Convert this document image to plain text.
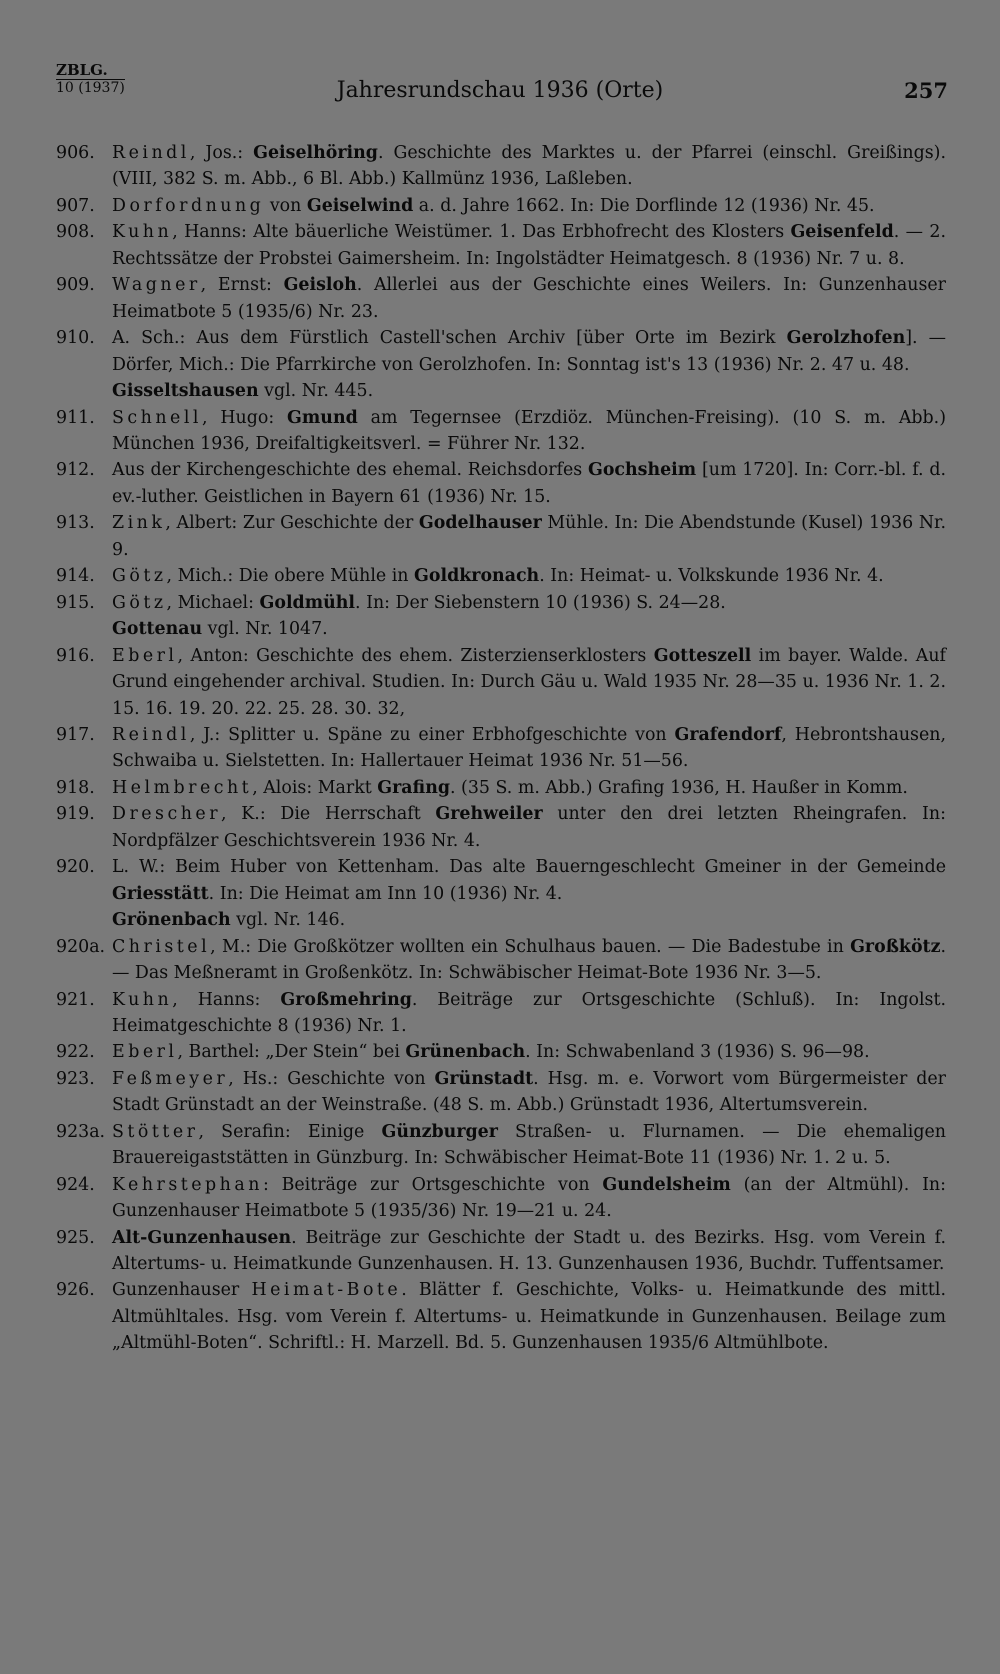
ZBLG.
10 (1937)	Jahresrundschau 1936 (Orte)	257
906. Reindl, Jos.: Geiselhöring. Geschichte des Marktes u. der Pfarrei (einschl. Greißings). (VIII, 382 S. m. Abb., 6 Bl. Abb.) Kallmünz 1936, Laßleben.
907. Dorfordnung von Geiselwind a. d. Jahre 1662. In: Die Dorflinde 12 (1936) Nr. 45.
908. Kuhn, Hanns: Alte bäuerliche Weistümer. 1. Das Erbhofrecht des Klosters Geisenfeld. — 2. Rechtssätze der Probstei Gaimersheim. In: Ingolstädter Heimatgesch. 8 (1936) Nr. 7 u. 8.
909. Wagner, Ernst: Geisloh. Allerlei aus der Geschichte eines Weilers. In: Gunzenhauser Heimatbote 5 (1935/6) Nr. 23.
910. A. Sch.: Aus dem Fürstlich Castell'schen Archiv [über Orte im Bezirk Gerolzhofen]. — Dörfer, Mich.: Die Pfarrkirche von Gerolzhofen. In: Sonntag ist's 13 (1936) Nr. 2. 47 u. 48.
Gisseltshausen vgl. Nr. 445.
911. Schnell, Hugo: Gmund am Tegernsee (Erzdiöz. München-Freising). (10 S. m. Abb.) München 1936, Dreifaltigkeitsverl. = Führer Nr. 132.
912. Aus der Kirchengeschichte des ehemal. Reichsdorfes Gochsheim [um 1720]. In: Corr.-bl. f. d. ev.-luther. Geistlichen in Bayern 61 (1936) Nr. 15.
913. Zink, Albert: Zur Geschichte der Godelhauser Mühle. In: Die Abendstunde (Kusel) 1936 Nr. 9.
914. Götz, Mich.: Die obere Mühle in Goldkronach. In: Heimat- u. Volkskunde 1936 Nr. 4.
915. Götz, Michael: Goldmühl. In: Der Siebenstern 10 (1936) S. 24—28.
Gottenau vgl. Nr. 1047.
916. Eberl, Anton: Geschichte des ehem. Zisterzienserklosters Gotteszell im bayer. Walde. Auf Grund eingehender archival. Studien. In: Durch Gäu u. Wald 1935 Nr. 28—35 u. 1936 Nr. 1. 2. 15. 16. 19. 20. 22. 25. 28. 30. 32,
917. Reindl, J.: Splitter u. Späne zu einer Erbhofgeschichte von Grafendorf, Hebrontshausen, Schwaiba u. Sielstetten. In: Hallertauer Heimat 1936 Nr. 51—56.
918. Helmbrecht, Alois: Markt Grafing. (35 S. m. Abb.) Grafing 1936, H. Haußer in Komm.
919. Drescher, K.: Die Herrschaft Grehweiler unter den drei letzten Rheingrafen. In: Nordpfälzer Geschichtsverein 1936 Nr. 4.
920. L. W.: Beim Huber von Kettenham. Das alte Bauerngeschlecht Gmeiner in der Gemeinde Griesstätt. In: Die Heimat am Inn 10 (1936) Nr. 4.
Grönenbach vgl. Nr. 146.
920a. Christel, M.: Die Großkötzer wollten ein Schulhaus bauen. — Die Badestube in Großkötz. — Das Meßneramt in Großenkötz. In: Schwäbischer Heimat-Bote 1936 Nr. 3—5.
921. Kuhn, Hanns: Großmehring. Beiträge zur Ortsgeschichte (Schluß). In: Ingolst. Heimatgeschichte 8 (1936) Nr. 1.
922. Eberl, Barthel: „Der Stein“ bei Grünenbach. In: Schwabenland 3 (1936) S. 96—98.
923. Feßmeyer, Hs.: Geschichte von Grünstadt. Hsg. m. e. Vorwort vom Bürgermeister der Stadt Grünstadt an der Weinstraße. (48 S. m. Abb.) Grünstadt 1936, Altertumsverein.
923a. Stötter, Serafin: Einige Günzburger Straßen- u. Flurnamen. — Die ehemaligen Brauereigaststätten in Günzburg. In: Schwäbischer Heimat-Bote 11 (1936) Nr. 1. 2 u. 5.
924. Kehrstephan: Beiträge zur Ortsgeschichte von Gundelsheim (an der Altmühl). In: Gunzenhauser Heimatbote 5 (1935/36) Nr. 19—21 u. 24.
925. Alt-Gunzenhausen. Beiträge zur Geschichte der Stadt u. des Bezirks. Hsg. vom Verein f. Altertums- u. Heimatkunde Gunzenhausen. H. 13. Gunzenhausen 1936, Buchdr. Tuffentsamer.
926. Gunzenhauser Heimat-Bote. Blätter f. Geschichte, Volks- u. Heimatkunde des mittl. Altmühltales. Hsg. vom Verein f. Altertums- u. Heimatkunde in Gunzenhausen. Beilage zum „Altmühl-Boten“. Schriftl.: H. Marzell. Bd. 5. Gunzenhausen 1935/6 Altmühlbote.
